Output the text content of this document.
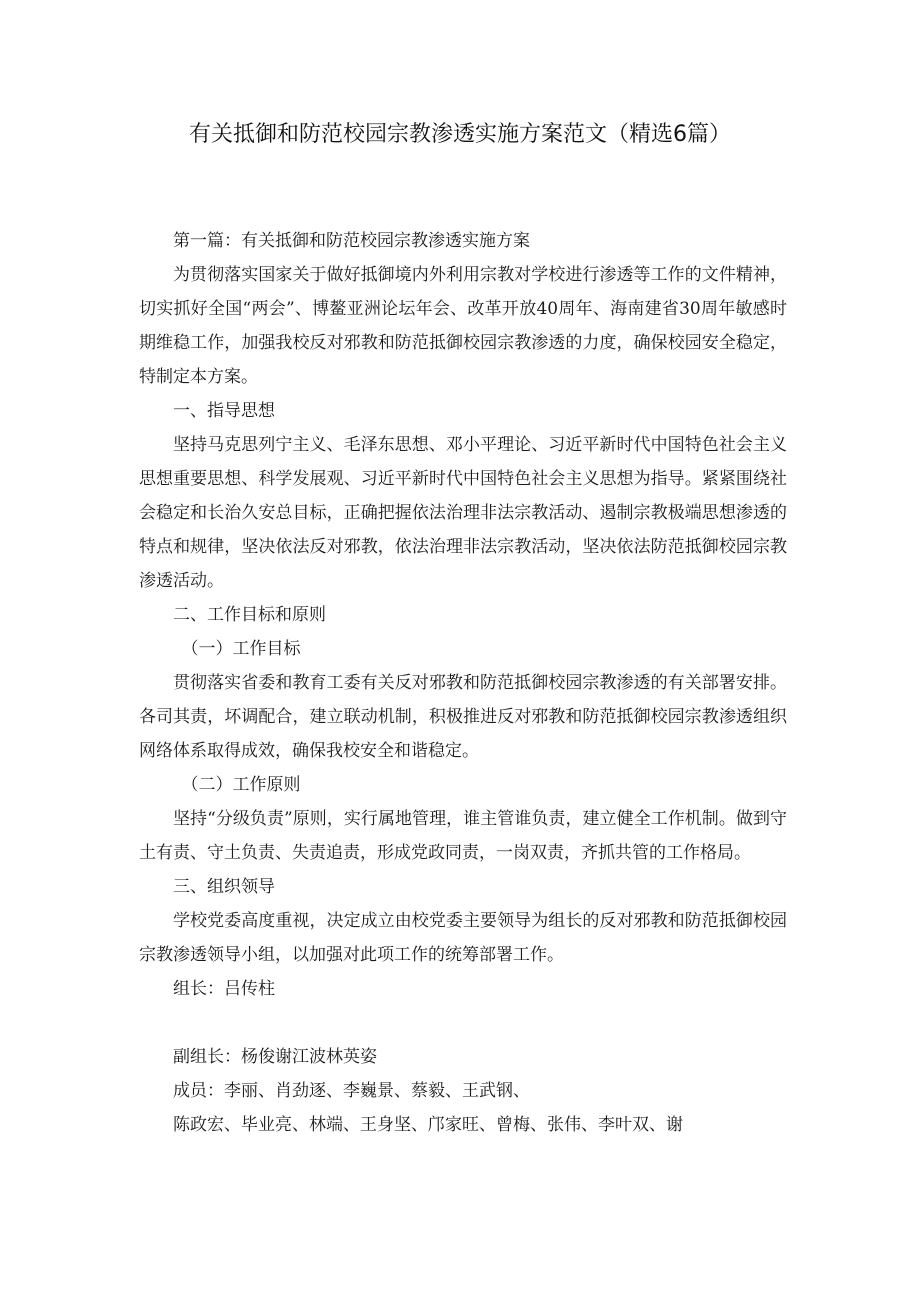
有关抵御和防范校园宗教渗透实施方案范文（精选6篇）

第一篇：有关抵御和防范校园宗教渗透实施方案

为贯彻落实国家关于做好抵御境内外利用宗教对学校进行渗透等工作的文件精神，切实抓好全国“两会”、博鳌亚洲论坛年会、改革开放40周年、海南建省30周年敏感时期维稳工作，加强我校反对邪教和防范抵御校园宗教渗透的力度，确保校园安全稳定，特制定本方案。

一、指导思想

坚持马克思列宁主义、毛泽东思想、邓小平理论、习近平新时代中国特色社会主义思想重要思想、科学发展观、习近平新时代中国特色社会主义思想为指导。紧紧围绕社会稳定和长治久安总目标，正确把握依法治理非法宗教活动、遏制宗教极端思想渗透的特点和规律，坚决依法反对邪教，依法治理非法宗教活动，坚决依法防范抵御校园宗教渗透活动。

二、工作目标和原则

（一）工作目标

贯彻落实省委和教育工委有关反对邪教和防范抵御校园宗教渗透的有关部署安排。各司其责，坏调配合，建立联动机制，积极推进反对邪教和防范抵御校园宗教渗透组织网络体系取得成效，确保我校安全和谐稳定。

（二）工作原则

坚持“分级负责”原则，实行属地管理，谁主管谁负责，建立健全工作机制。做到守土有责、守土负责、失责追责，形成党政同责，一岗双责，齐抓共管的工作格局。

三、组织领导

学校党委高度重视，决定成立由校党委主要领导为组长的反对邪教和防范抵御校园宗教渗透领导小组，以加强对此项工作的统筹部署工作。

组长：吕传柱

副组长：杨俊谢江波林英姿

成员：李丽、肖劲逐、李巍景、蔡毅、王武钢、

陈政宏、毕业亮、林端、王身坚、邝家旺、曾梅、张伟、李叶双、谢
